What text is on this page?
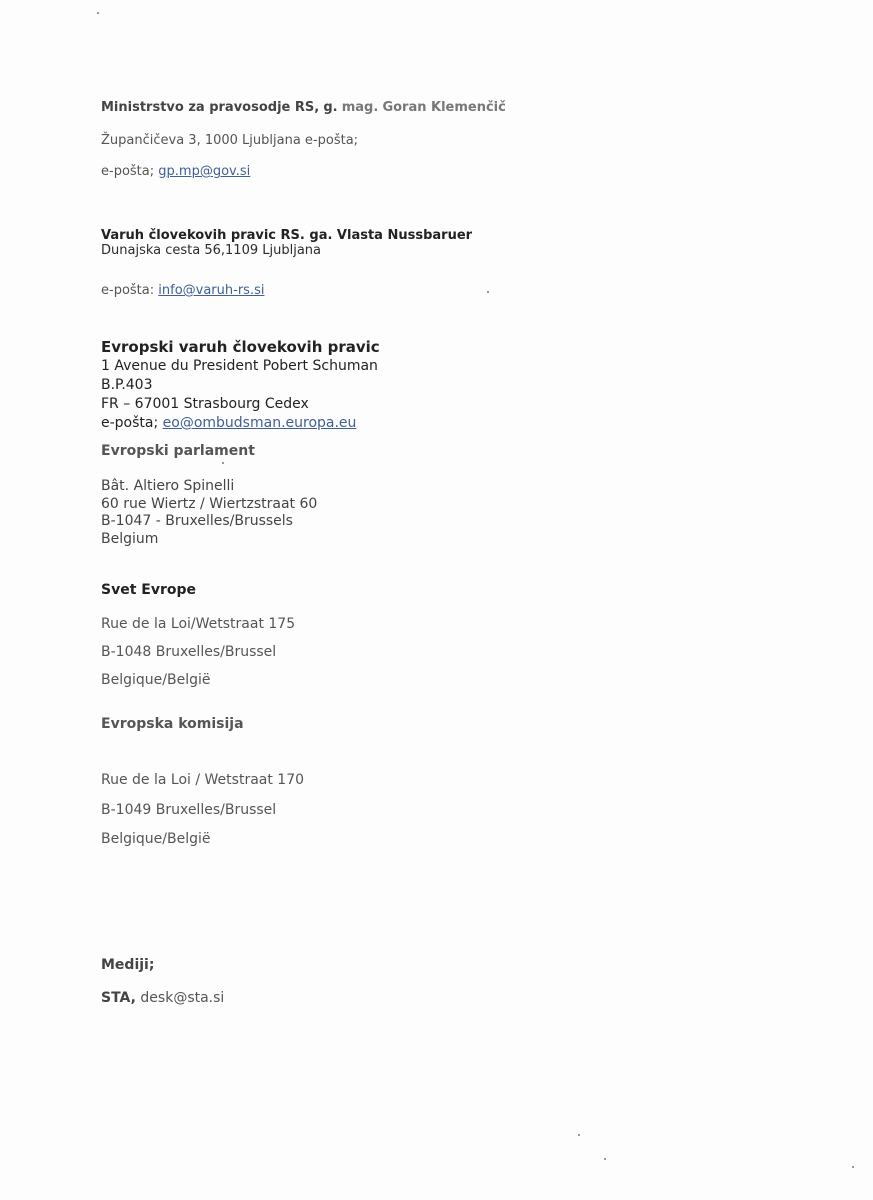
Ministrstvo za pravosodje RS, g. mag. Goran Klemenčič
Župančičeva 3, 1000 Ljubljana e-pošta;
e-pošta; gp.mp@gov.si
Varuh človekovih pravic RS. ga. Vlasta Nussbaruer
Dunajska cesta 56,1109 Ljubljana
e-pošta: info@varuh-rs.si
Evropski varuh človekovih pravic
1 Avenue du President Pobert Schuman
B.P.403
FR – 67001 Strasbourg Cedex
e-pošta; eo@ombudsman.europa.eu
Evropski parlament
Bât. Altiero Spinelli
60 rue Wiertz / Wiertzstraat 60
B-1047 - Bruxelles/Brussels
Belgium
Svet Evrope
Rue de la Loi/Wetstraat 175
B-1048 Bruxelles/Brussel
Belgique/België
Evropska komisija
Rue de la Loi / Wetstraat 170
B-1049 Bruxelles/Brussel
Belgique/België
Mediji;
STA, desk@sta.si
